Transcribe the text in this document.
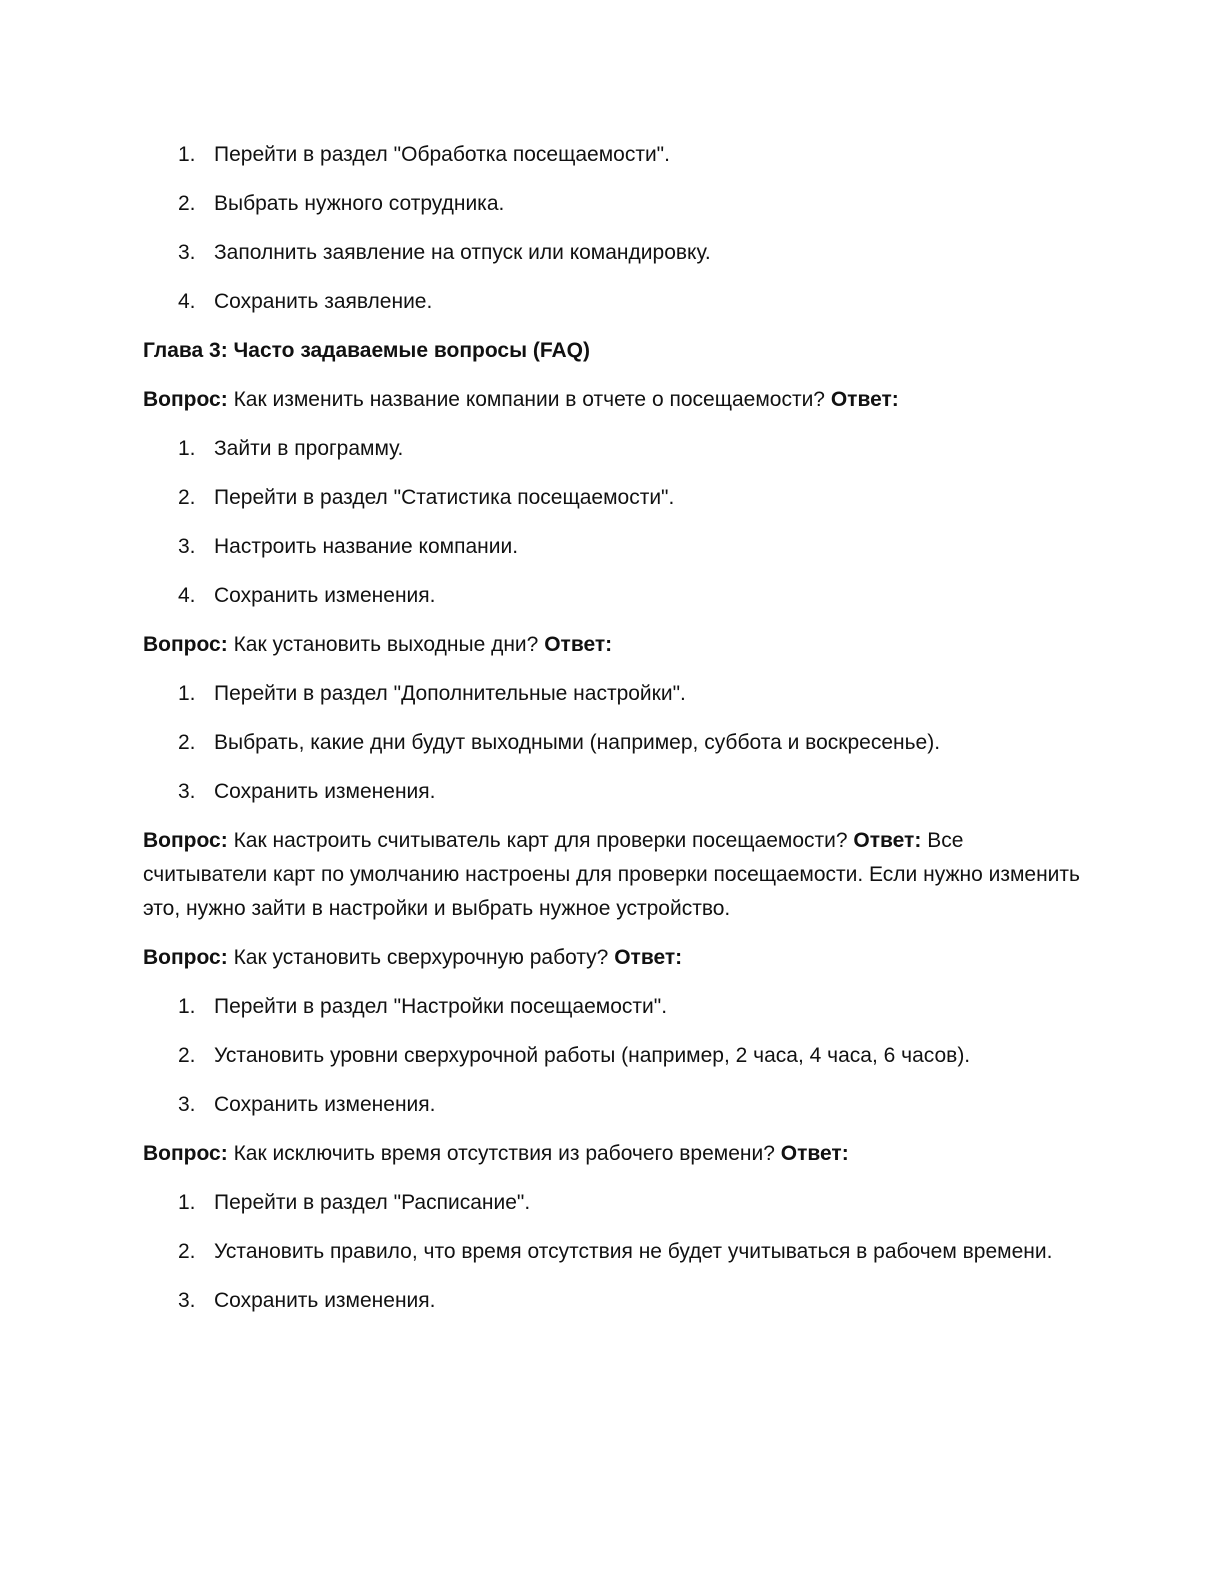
1. Перейти в раздел "Обработка посещаемости".
2. Выбрать нужного сотрудника.
3. Заполнить заявление на отпуск или командировку.
4. Сохранить заявление.
Глава 3: Часто задаваемые вопросы (FAQ)

Вопрос: Как изменить название компании в отчете о посещаемости? Ответ:

1. Зайти в программу.
2. Перейти в раздел "Статистика посещаемости".
3. Настроить название компании.
4. Сохранить изменения.

Вопрос: Как установить выходные дни? Ответ:

1. Перейти в раздел "Дополнительные настройки".
2. Выбрать, какие дни будут выходными (например, суббота и воскресенье).
3. Сохранить изменения.

Вопрос: Как настроить считыватель карт для проверки посещаемости? Ответ: Все считыватели карт по умолчанию настроены для проверки посещаемости. Если нужно изменить это, нужно зайти в настройки и выбрать нужное устройство.

Вопрос: Как установить сверхурочную работу? Ответ:

1. Перейти в раздел "Настройки посещаемости".
2. Установить уровни сверхурочной работы (например, 2 часа, 4 часа, 6 часов).
3. Сохранить изменения.

Вопрос: Как исключить время отсутствия из рабочего времени? Ответ:

1. Перейти в раздел "Расписание".
2. Установить правило, что время отсутствия не будет учитываться в рабочем времени.
3. Сохранить изменения.
